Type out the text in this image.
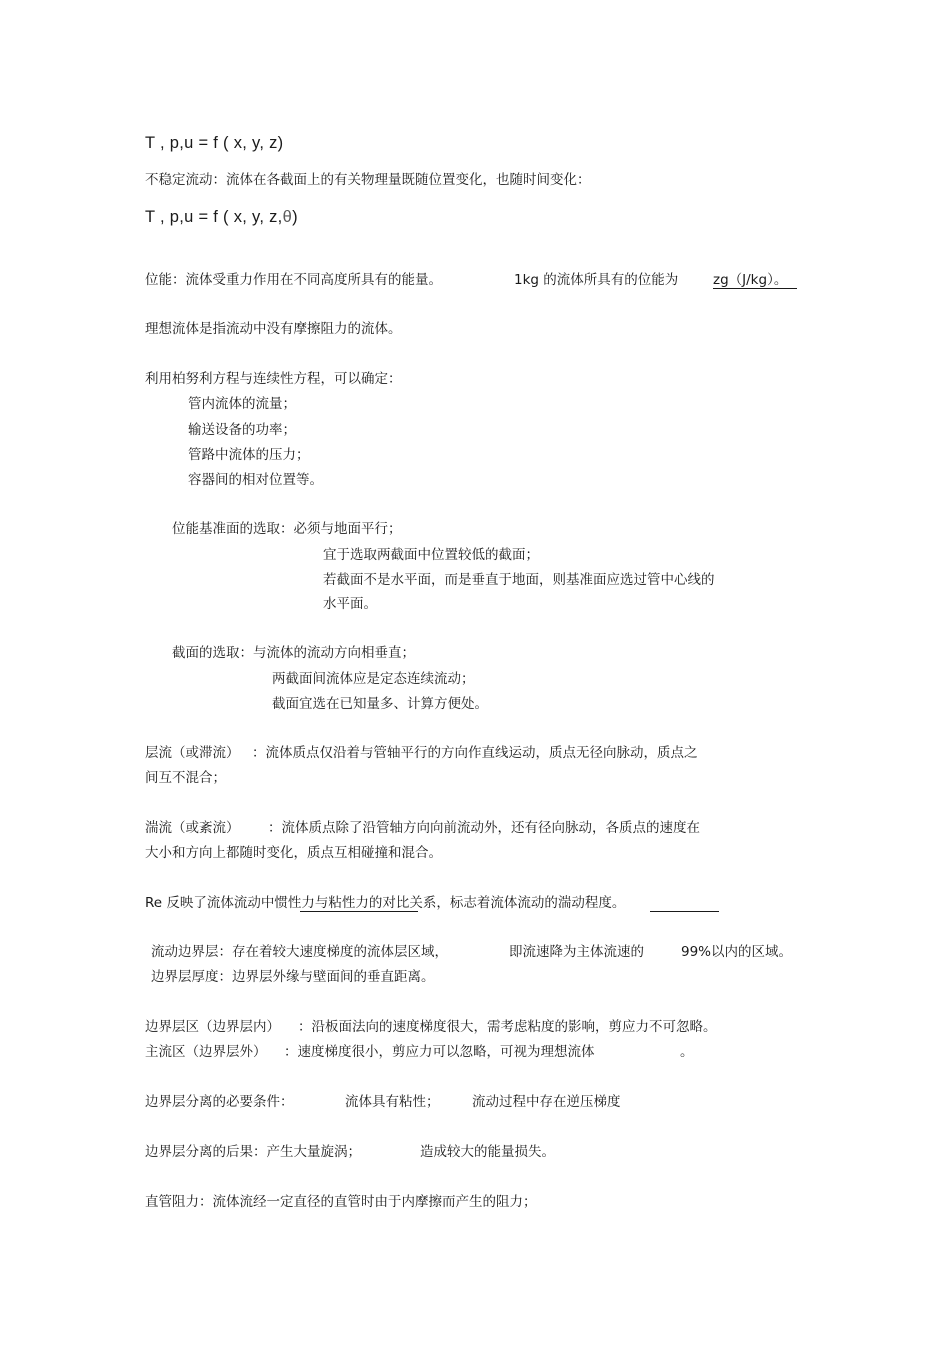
T , p,u = f ( x, y, z)
不稳定流动：流体在各截面上的有关物理量既随位置变化，也随时间变化：
T , p,u = f ( x, y, z,θ)
位能：流体受重力作用在不同高度所具有的能量。	1kg 的流体所具有的位能为	zg（J/kg）。
理想流体是指流动中没有摩擦阻力的流体。
利用柏努利方程与连续性方程，可以确定：
管内流体的流量；
输送设备的功率；
管路中流体的压力；
容器间的相对位置等。
位能基准面的选取：必须与地面平行；
宜于选取两截面中位置较低的截面；
若截面不是水平面，而是垂直于地面，则基准面应选过管中心线的
水平面。
截面的选取：与流体的流动方向相垂直；
两截面间流体应是定态连续流动；
截面宜选在已知量多、计算方便处。
层流（或滞流） ：流体质点仅沿着与管轴平行的方向作直线运动，质点无径向脉动，质点之
间互不混合；
湍流（或紊流） ：流体质点除了沿管轴方向向前流动外，还有径向脉动，各质点的速度在
大小和方向上都随时变化，质点互相碰撞和混合。
Re 反映了流体流动中惯性力与粘性力的对比关系，标志着流体流动的湍动程度。
流动边界层：存在着较大速度梯度的流体层区域，	即流速降为主体流速的	99%以内的区域。
边界层厚度：边界层外缘与壁面间的垂直距离。
边界层区（边界层内） ：沿板面法向的速度梯度很大，需考虑粘度的影响，剪应力不可忽略。
主流区（边界层外） ：速度梯度很小，剪应力可以忽略，可视为理想流体	。
边界层分离的必要条件：	流体具有粘性； 流动过程中存在逆压梯度
边界层分离的后果：产生大量旋涡；	造成较大的能量损失。
直管阻力：流体流经一定直径的直管时由于内摩擦而产生的阻力；
